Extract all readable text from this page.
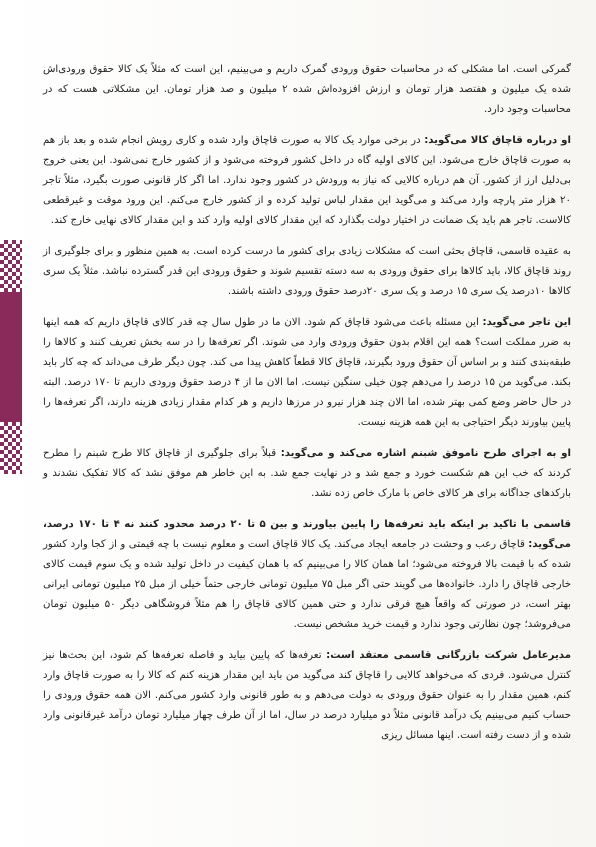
RAHGOSTARAN

گمرکی است. اما مشکلی که در محاسبات حقوق ورودی گمرک داریم و می‌بینیم، این است که مثلاً یک کالا حقوق ورودی‌اش شده یک میلیون و هفتصد هزار تومان و ارزش افزوده‌اش شده ۲ میلیون و صد هزار تومان. این مشکلاتی هست که در محاسبات وجود دارد.

او درباره قاچاق کالا می‌گوید: در برخی موارد یک کالا به صورت قاچاق وارد شده و کاری رویش انجام شده و بعد باز هم به صورت قاچاق خارج می‌شود. این کالای اولیه گاه در داخل کشور فروخته می‌شود و از کشور خارج نمی‌شود. این یعنی خروج بی‌دلیل ارز از کشور. آن هم درباره کالایی که نیاز به ورودش در کشور وجود ندارد. اما اگر کار قانونی صورت بگیرد، مثلاً تاجر ۲۰ هزار متر پارچه وارد می‌کند و می‌گوید این مقدار لباس تولید کرده و از کشور خارج می‌کنم. این ورود موقت و غیرقطعی کالاست. تاجر هم باید یک ضمانت در اختیار دولت بگذارد که این مقدار کالای اولیه وارد کند و این مقدار کالای نهایی خارج کند.

به عقیده قاسمی، قاچاق بحثی است که مشکلات زیادی برای کشور ما درست کرده است. به همین منظور و برای جلوگیری از روند قاچاق کالا، باید کالاها برای حقوق ورودی به سه دسته تقسیم شوند و حقوق ورودی این قدر گسترده نباشد. مثلاً یک سری کالاها ۱۰درصد یک سری ۱۵ درصد و یک سری ۲۰درصد حقوق ورودی داشته باشند.

این تاجر می‌گوید: این مسئله باعث می‌شود قاچاق کم شود. الان ما در طول سال چه قدر کالای قاچاق داریم که همه اینها به ضرر مملکت است؟ همه این اقلام بدون حقوق ورودی وارد می شوند. اگر تعرفه‌ها را در سه بخش تعریف کنند و کالاها را طبقه‌بندی کنند و بر اساس آن حقوق ورود بگیرند، قاچاق کالا قطعاً کاهش پیدا می کند. چون دیگر طرف می‌داند که چه کار باید بکند. می‌گوید من ۱۵ درصد را می‌دهم چون خیلی سنگین نیست. اما الان ما از ۴ درصد حقوق ورودی داریم تا ۱۷۰ درصد. البته در حال حاضر وضع کمی بهتر شده، اما الان چند هزار نیرو در مرزها داریم و هر کدام مقدار زیادی هزینه دارند، اگر تعرفه‌ها را پایین بیاورند دیگر احتیاجی به این همه هزینه نیست.

او به اجرای طرح ناموفق شبنم اشاره می‌کند و می‌گوید: قبلاً برای جلوگیری از قاچاق کالا طرح شبنم را مطرح کردند که خب این هم شکست خورد و جمع شد و در نهایت جمع شد. به این خاطر هم موفق نشد که کالا تفکیک نشدند و بارکدهای جداگانه برای هر کالای خاص با مارک خاص زده نشد.

قاسمی با تاکید بر اینکه باید تعرفه‌ها را پایین بیاورند و بین ۵ تا ۲۰ درصد محدود کنند نه ۴ تا ۱۷۰ درصد، می‌گوید: قاچاق رعب و وحشت در جامعه ایجاد می‌کند. یک کالا قاچاق است و معلوم نیست با چه قیمتی و از کجا وارد کشور شده که با قیمت بالا فروخته می‌شود؛ اما همان کالا را می‌بینیم که با همان کیفیت در داخل تولید شده و یک سوم قیمت کالای خارجی قاچاق را دارد. خانواده‌ها می گویند حتی اگر مبل ۷۵ میلیون تومانی خارجی حتماً خیلی از مبل ۲۵ میلیون تومانی ایرانی بهتر است، در صورتی که واقعاً هیچ فرقی ندارد و حتی همین کالای قاچاق را هم مثلاً فروشگاهی دیگر ۵۰ میلیون تومان می‌فروشد؛ چون نظارتی وجود ندارد و قیمت خرید مشخص نیست.

مدیرعامل شرکت بازرگانی قاسمی معتقد است: تعرفه‌ها که پایین بیاید و فاصله تعرفه‌ها کم شود، این بحث‌ها نیز کنترل می‌شود. فردی که می‌خواهد کالایی را قاچاق کند می‌گوید من باید این مقدار هزینه کنم که کالا را به صورت قاچاق وارد کنم، همین مقدار را به عنوان حقوق ورودی به دولت می‌دهم و به طور قانونی وارد کشور می‌کنم. الان همه حقوق ورودی را حساب کنیم می‌بینیم یک درآمد قانونی مثلاً دو میلیارد درصد در سال، اما از آن طرف چهار میلیارد تومان درآمد غیرقانونی وارد شده و از دست رفته است. اینها مسائل ریزی
